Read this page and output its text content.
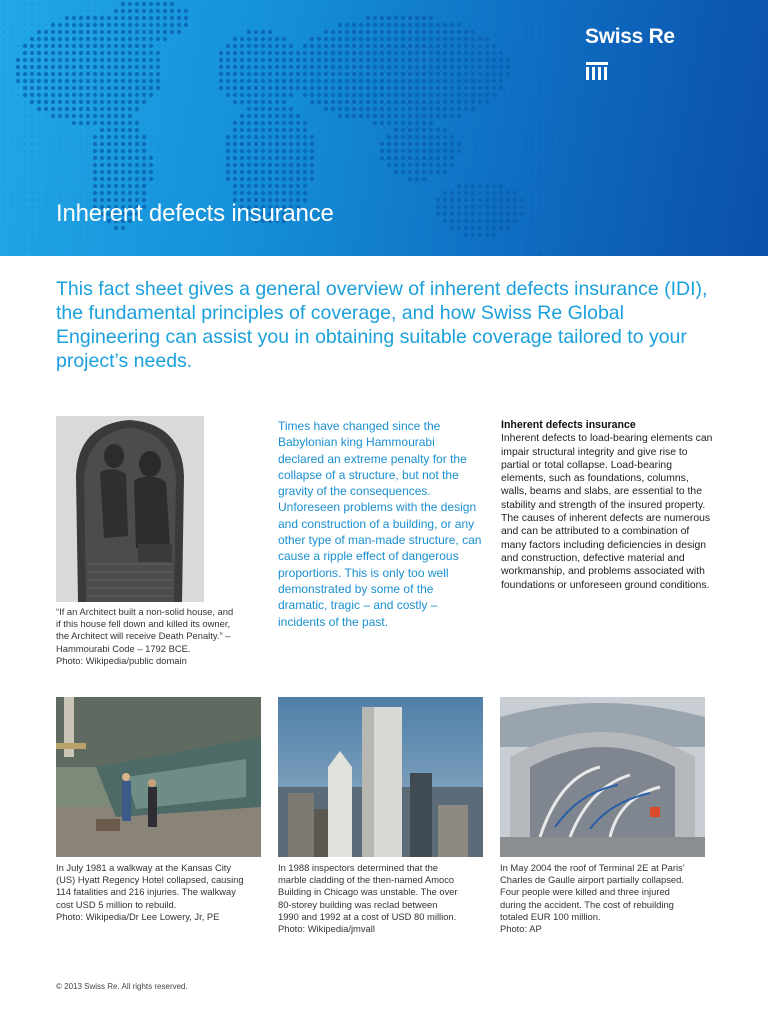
Swiss Re
Inherent defects insurance

This fact sheet gives a general overview of inherent defects insurance (IDI), the fundamental principles of coverage, and how Swiss Re Global Engineering can assist you in obtaining suitable coverage tailored to your project’s needs.

“If an Architect built a non-solid house, and
if this house fell down and killed its owner,
the Architect will receive Death Penalty.” –
Hammourabi Code – 1792 BCE.
Photo: Wikipedia/public domain

Times have changed since the Babylonian king Hammourabi declared an extreme penalty for the collapse of a structure, but not the gravity of the consequences. Unforeseen problems with the design and construction of a building, or any other type of man-made structure, can cause a ripple effect of dangerous proportions. This is only too well demonstrated by some of the dramatic, tragic – and costly – incidents of the past.

Inherent defects insurance

Inherent defects to load-bearing elements can impair structural integrity and give rise to partial or total collapse. Load-bearing elements, such as foundations, columns, walls, beams and slabs, are essential to the stability and strength of the insured property. The causes of inherent defects are numerous and can be attributed to a combination of many factors including deficiencies in design and construction, defective material and workmanship, and problems associated with foundations or unforeseen ground conditions.

In July 1981 a walkway at the Kansas City
(US) Hyatt Regency Hotel collapsed, causing
114 fatalities and 216 injuries. The walkway
cost USD 5 million to rebuild.
Photo: Wikipedia/Dr Lee Lowery, Jr, PE
In 1988 inspectors determined that the
marble cladding of the then-named Amoco
Building in Chicago was unstable. The over
80-storey building was reclad between
1990 and 1992 at a cost of USD 80 million.
Photo: Wikipedia/jmvall
In May 2004 the roof of Terminal 2E at Paris’
Charles de Gaulle airport partially collapsed.
Four people were killed and three injured
during the accident. The cost of rebuilding
totaled EUR 100 million.
Photo: AP
© 2013 Swiss Re. All rights reserved.
